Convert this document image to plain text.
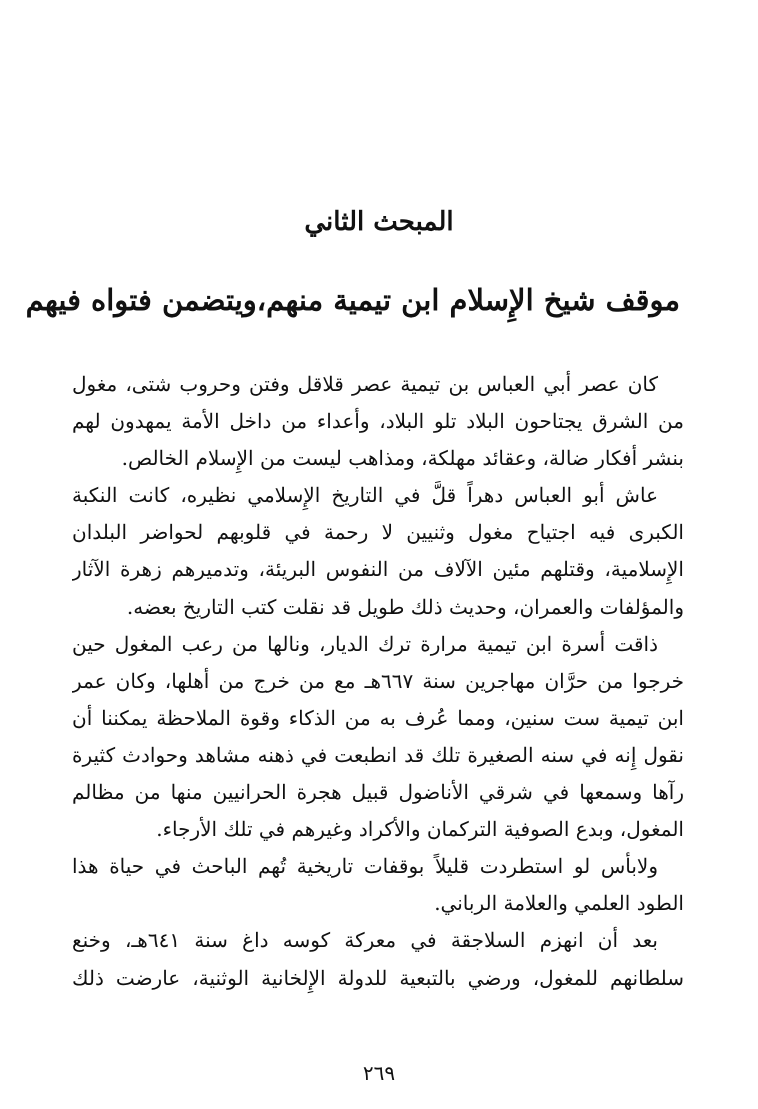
المبحث الثاني
موقف شيخ الإِسلام ابن تيمية منهم،ويتضمن فتواه فيهم
كان عصر أبي العباس بن تيمية عصر قلاقل وفتن وحروب شتى، مغول
من الشرق يجتاحون البلاد تلو البلاد، وأعداء من داخل الأمة يمهدون لهم
بنشر أفكار ضالة، وعقائد مهلكة، ومذاهب ليست من الإِسلام الخالص.
عاش أبو العباس دهراً قلَّ في التاريخ الإِسلامي نظيره، كانت النكبة
الكبرى فيه اجتياح مغول وثنيين لا رحمة في قلوبهم لحواضر البلدان
الإِسلامية، وقتلهم مئين الآلاف من النفوس البريئة، وتدميرهم زهرة الآثار
والمؤلفات والعمران، وحديث ذلك طويل قد نقلت كتب التاريخ بعضه.
ذاقت أسرة ابن تيمية مرارة ترك الديار، ونالها من رعب المغول حين
خرجوا من حرَّان مهاجرين سنة ٦٦٧هـ مع من خرج من أهلها، وكان عمر
ابن تيمية ست سنين، ومما عُرف به من الذكاء وقوة الملاحظة يمكننا أن
نقول إِنه في سنه الصغيرة تلك قد انطبعت في ذهنه مشاهد وحوادث كثيرة
رآها وسمعها في شرقي الأناضول قبيل هجرة الحرانيين منها من مظالم
المغول، وبدع الصوفية التركمان والأكراد وغيرهم في تلك الأرجاء.
ولابأس لو استطردت قليلاً بوقفات تاريخية تُهم الباحث في حياة هذا
الطود العلمي والعلامة الرباني.
بعد أن انهزم السلاجقة في معركة كوسه داغ سنة ٦٤١هـ، وخنع
سلطانهم للمغول، ورضي بالتبعية للدولة الإِلخانية الوثنية، عارضت ذلك
٢٦٩
